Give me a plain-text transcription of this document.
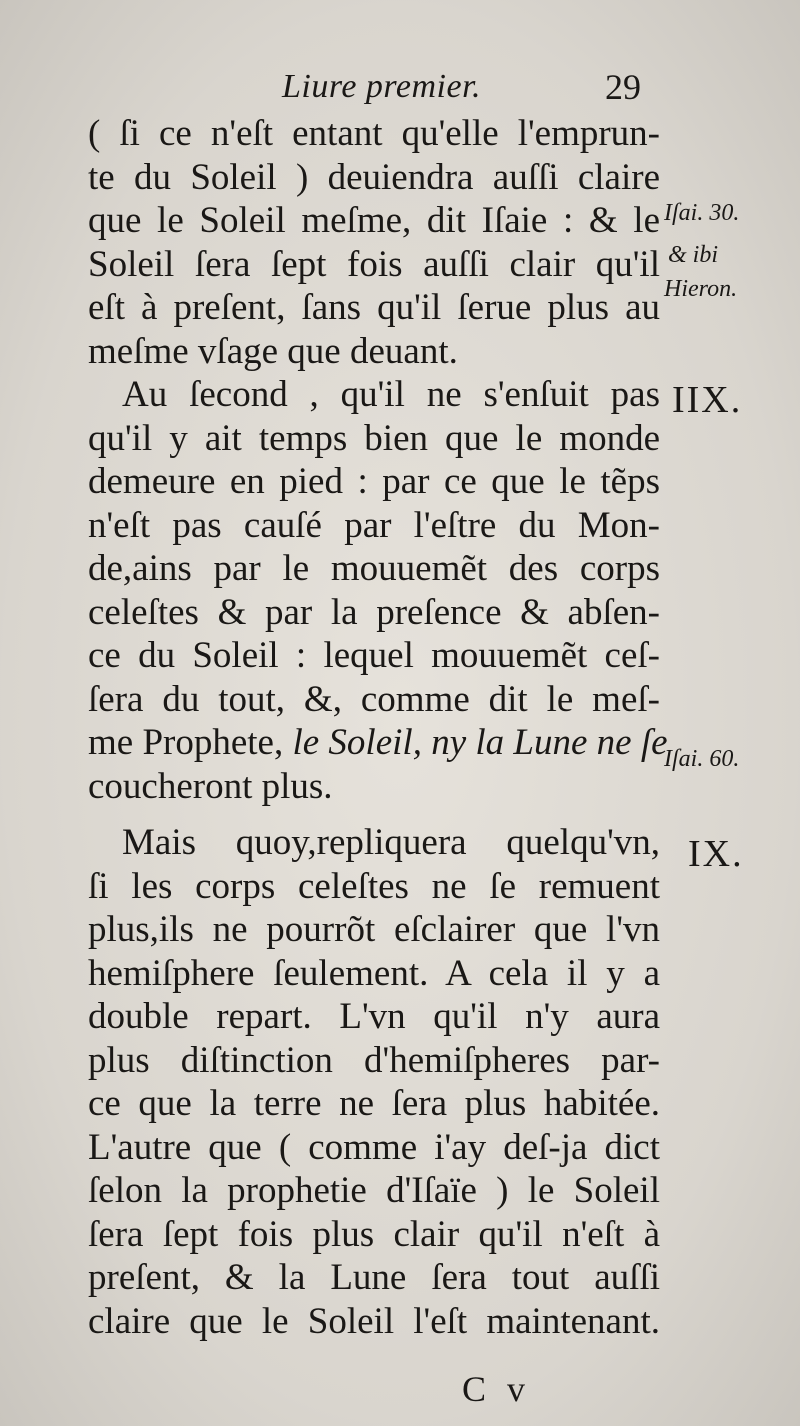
Liure premier.	29
( ſi ce n'eſt entant qu'elle l'emprun-
te du Soleil ) deuiendra auſſi claire
que le Soleil meſme, dit Iſaie : & le
Soleil ſera ſept fois auſſi clair qu'il
eſt à preſent, ſans qu'il ſerue plus au
meſme vſage que deuant.
Au ſecond , qu'il ne s'enſuit pas
qu'il y ait temps bien que le monde
demeure en pied : par ce que le tẽps
n'eſt pas cauſé par l'eſtre du Mon-
de,ains par le mouuemẽt des corps
celeſtes & par la preſence & abſen-
ce du Soleil : lequel mouuemẽt ceſ-
ſera du tout, &, comme dit le meſ-
me Prophete, le Soleil, ny la Lune ne ſe
coucheront plus.
Mais quoy,repliquera quelqu'vn,
ſi les corps celeſtes ne ſe remuent
plus,ils ne pourrõt eſclairer que l'vn
hemiſphere ſeulement. A cela il y a
double repart. L'vn qu'il n'y aura
plus diſtinction d'hemiſpheres par-
ce que la terre ne ſera plus habitée.
L'autre que ( comme i'ay deſ-ja dict
ſelon la prophetie d'Iſaïe ) le Soleil
ſera ſept fois plus clair qu'il n'eſt à
preſent, & la Lune ſera tout auſſi
claire que le Soleil l'eſt maintenant.
Iſai. 30.
& ibi
Hieron.
IIX.
Iſai. 60.
IX.
C v
